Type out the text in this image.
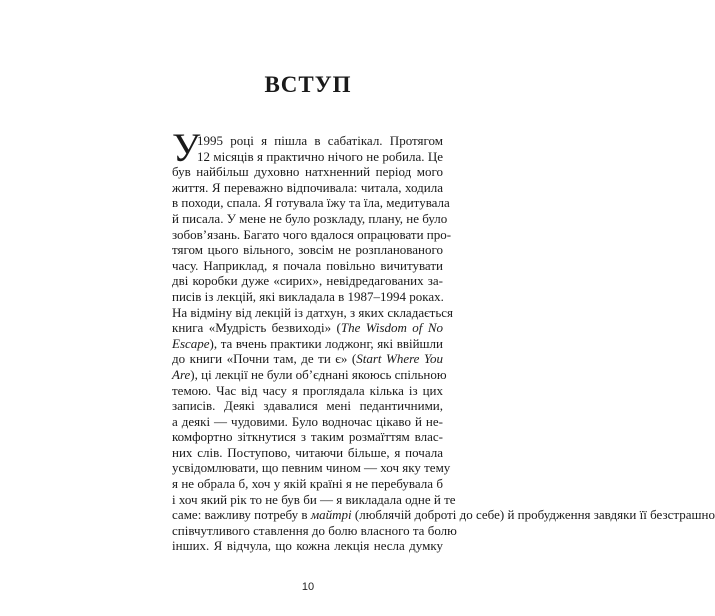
ВСТУП
У
1995 році я пішла в сабатікал. Протягом
12 місяців я практично нічого не робила. Це
був найбільш духовно натхненний період мого
життя. Я переважно відпочивала: читала, ходила
в походи, спала. Я готувала їжу та їла, медитувала
й писала. У мене не було розкладу, плану, не було
зобов’язань. Багато чого вдалося опрацювати про-
тягом цього вільного, зовсім не розпланованого
часу. Наприклад, я почала повільно вичитувати
дві коробки дуже «сирих», невідредагованих за-
писів із лекцій, які викладала в 1987–1994 роках.
На відміну від лекцій із датхун, з яких складається
книга «Мудрість безвиході» (The Wisdom of No
Escape), та вчень практики лоджонг, які ввійшли
до книги «Почни там, де ти є» (Start Where You
Are), ці лекції не були об’єднані якоюсь спільною
темою. Час від часу я проглядала кілька із цих
записів. Деякі здавалися мені педантичними,
а деякі — чудовими. Було водночас цікаво й не-
комфортно зіткнутися з таким розмаїттям влас-
них слів. Поступово, читаючи більше, я почала
усвідомлювати, що певним чином — хоч яку тему
я не обрала б, хоч у якій країні я не перебувала б
і хоч який рік то не був би — я викладала одне й те
саме: важливу потребу в майтрі (люблячій доброті до себе) й пробудження завдяки її безстрашно
співчутливого ставлення до болю власного та болю
інших. Я відчула, що кожна лекція несла думку
10
